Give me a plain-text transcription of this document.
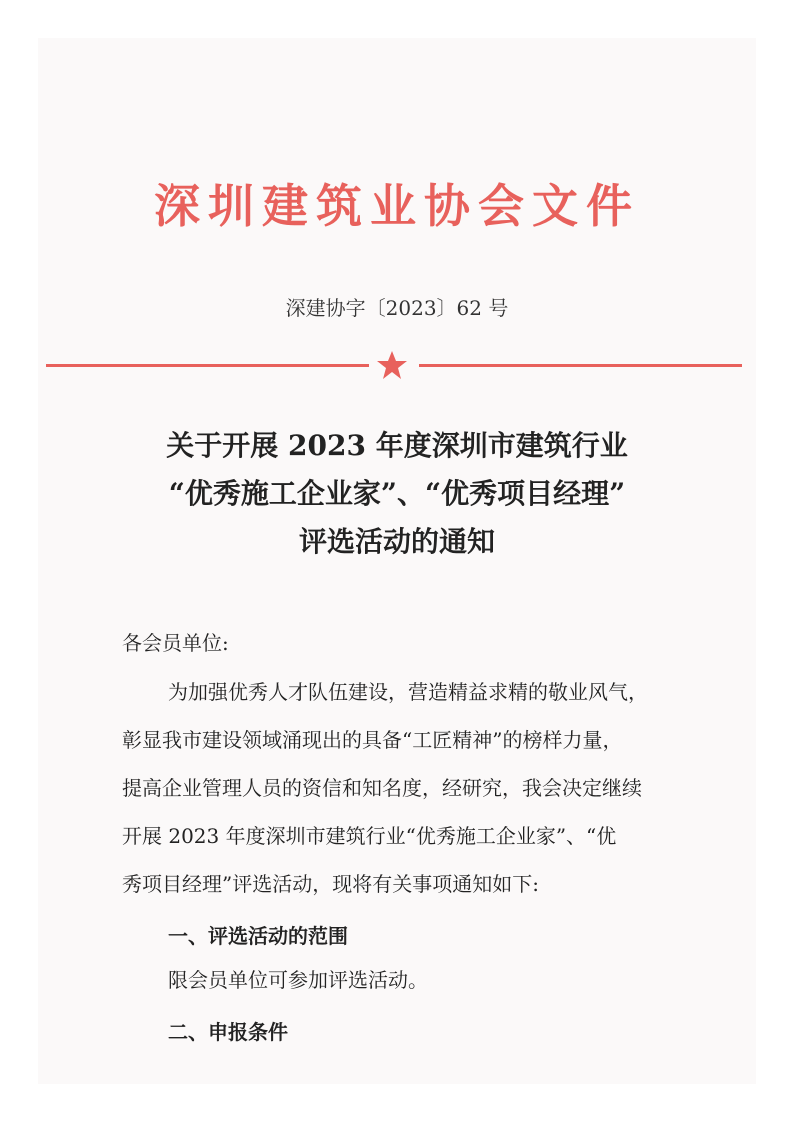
深圳建筑业协会文件
深建协字〔2023〕62 号
关于开展 2023 年度深圳市建筑行业
“优秀施工企业家”、“优秀项目经理”
评选活动的通知
各会员单位:
为加强优秀人才队伍建设，营造精益求精的敬业风气，
彰显我市建设领域涌现出的具备“工匠精神”的榜样力量，
提高企业管理人员的资信和知名度，经研究，我会决定继续
开展 2023 年度深圳市建筑行业“优秀施工企业家”、“优
秀项目经理”评选活动，现将有关事项通知如下:
一、评选活动的范围
限会员单位可参加评选活动。
二、申报条件
